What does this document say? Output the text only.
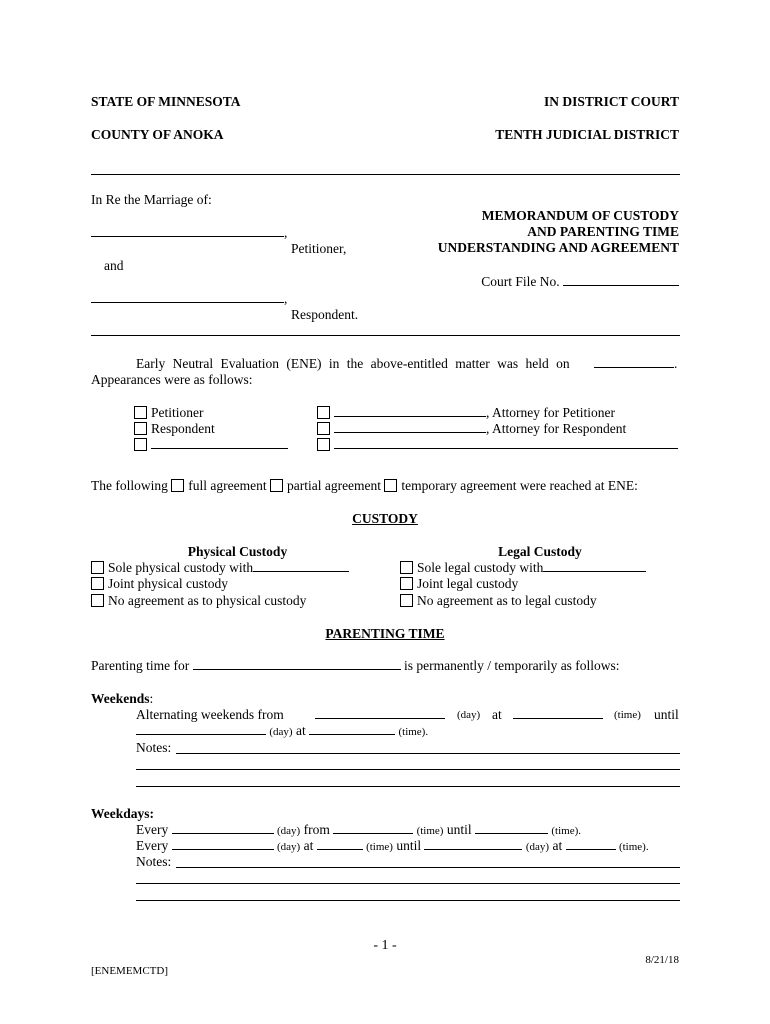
STATE OF MINNESOTA	IN DISTRICT COURT
COUNTY OF ANOKA	TENTH JUDICIAL DISTRICT
In Re the Marriage of:
,
Petitioner,
and
,
Respondent.
MEMORANDUM OF CUSTODY
AND PARENTING TIME
UNDERSTANDING AND AGREEMENT
Court File No.
Early Neutral Evaluation (ENE) in the above-entitled matter was held on	.
Appearances were as follows:
Petitioner
Respondent
, Attorney for Petitioner
, Attorney for Respondent
The following full agreement partial agreement temporary agreement were reached at ENE:
CUSTODY
Physical Custody
Sole physical custody with
Joint physical custody
No agreement as to physical custody
Legal Custody
Sole legal custody with
Joint legal custody
No agreement as to legal custody
PARENTING TIME
Parenting time for	is permanently / temporarily as follows:
Weekends:
Alternating weekends from	(day) at	(time) until
(day) at	(time).
Notes:
Weekdays:
Every	(day) from	(time) until	(time).
Every	(day) at	(time) until	(day) at	(time).
Notes:
- 1 -
8/21/18
[ENEMEMCTD]
